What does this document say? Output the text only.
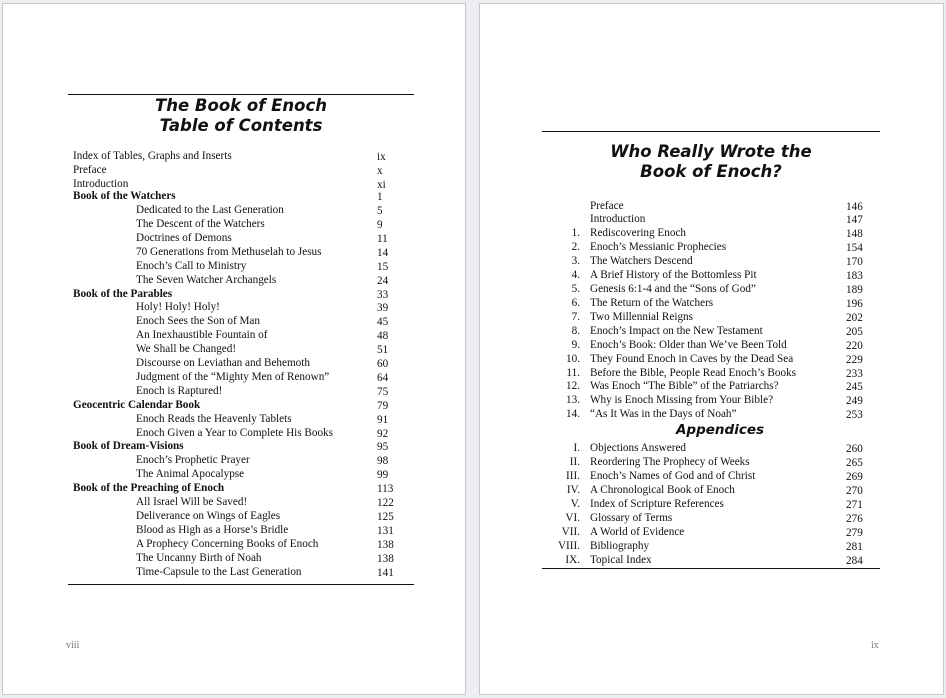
The Book of Enoch
Table of Contents
Index of Tables, Graphs and Inserts	ix
Preface	x
Introduction	xi
Book of the Watchers	1
Dedicated to the Last Generation	5
The Descent of the Watchers	9
Doctrines of Demons	11
70 Generations from Methuselah to Jesus	14
Enoch’s Call to Ministry	15
The Seven Watcher Archangels	24
Book of the Parables	33
Holy! Holy! Holy!	39
Enoch Sees the Son of Man	45
An Inexhaustible Fountain of	48
We Shall be Changed!	51
Discourse on Leviathan and Behemoth	60
Judgment of the “Mighty Men of Renown”	64
Enoch is Raptured!	75
Geocentric Calendar Book	79
Enoch Reads the Heavenly Tablets	91
Enoch Given a Year to Complete His Books	92
Book of Dream-Visions	95
Enoch’s Prophetic Prayer	98
The Animal Apocalypse	99
Book of the Preaching of Enoch	113
All Israel Will be Saved!	122
Deliverance on Wings of Eagles	125
Blood as High as a Horse’s Bridle	131
A Prophecy Concerning Books of Enoch	138
The Uncanny Birth of Noah	138
Time-Capsule to the Last Generation	141
viii
Who Really Wrote the
Book of Enoch?
Preface	146
Introduction	147
1. Rediscovering Enoch	148
2. Enoch’s Messianic Prophecies	154
3. The Watchers Descend	170
4. A Brief History of the Bottomless Pit	183
5. Genesis 6:1-4 and the “Sons of God”	189
6. The Return of the Watchers	196
7. Two Millennial Reigns	202
8. Enoch’s Impact on the New Testament	205
9. Enoch’s Book: Older than We’ve Been Told	220
10. They Found Enoch in Caves by the Dead Sea	229
11. Before the Bible, People Read Enoch’s Books	233
12. Was Enoch “The Bible” of the Patriarchs?	245
13. Why is Enoch Missing from Your Bible?	249
14. “As It Was in the Days of Noah”	253
Appendices
I. Objections Answered	260
II. Reordering The Prophecy of Weeks	265
III. Enoch’s Names of God and of Christ	269
IV. A Chronological Book of Enoch	270
V. Index of Scripture References	271
VI. Glossary of Terms	276
VII. A World of Evidence	279
VIII. Bibliography	281
IX. Topical Index	284
ix
